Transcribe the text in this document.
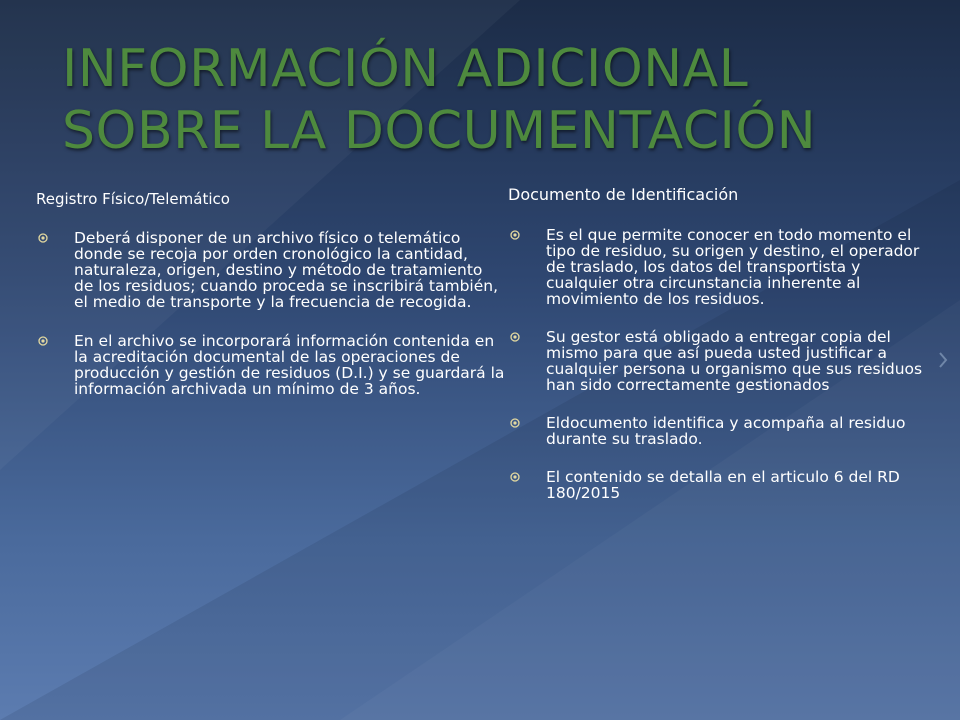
INFORMACIÓN ADICIONAL
SOBRE LA DOCUMENTACIÓN

Registro Físico/Telemático

Deberá disponer de un archivo físico o telemático donde se recoja por orden cronológico la cantidad, naturaleza, origen, destino y método de tratamiento de los residuos; cuando proceda se inscribirá también, el medio de transporte y la frecuencia de recogida.
En el archivo se incorporará información contenida en la acreditación documental de las operaciones de producción y gestión de residuos (D.I.) y se guardará la información archivada un mínimo de 3 años.

Documento de Identificación

Es el que permite conocer en todo momento el tipo de residuo, su origen y destino, el operador de traslado, los datos del transportista y cualquier otra circunstancia inherente al movimiento de los residuos.
Su gestor está obligado a entregar copia del mismo para que así pueda usted justificar a cualquier persona u organismo que sus residuos han sido correctamente gestionados
Eldocumento identifica y acompaña al residuo durante su traslado.
El contenido se detalla en el articulo 6 del RD 180/2015
